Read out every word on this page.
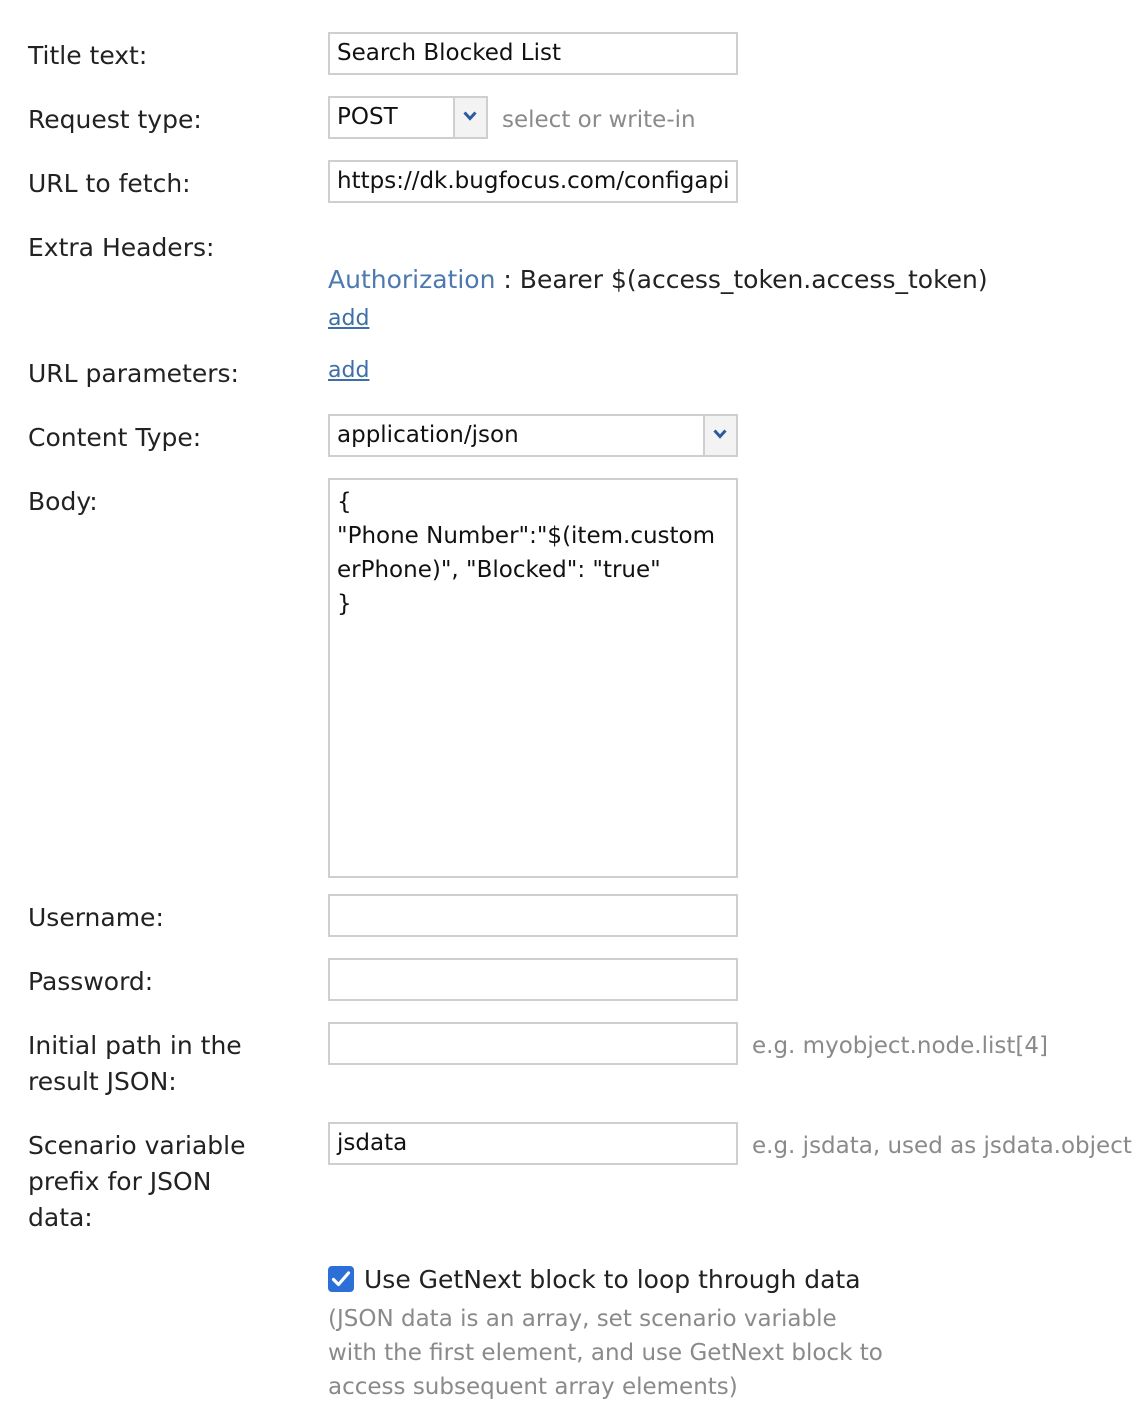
Title text:	Search Blocked List
Request type:	POST	select or write-in
URL to fetch:	https://dk.bugfocus.com/configapi
Extra Headers:
Authorization : Bearer $(access_token.access_token)
add
URL parameters:	add
Content Type:	application/json
Body:	{
"Phone Number":"$(item.customerPhone)", "Blocked": "true"
}
Username:
Password:
Initial path in the
result JSON:
e.g. myobject.node.list[4]
Scenario variable
prefix for JSON
data:
jsdata	e.g. jsdata, used as jsdata.object
Use GetNext block to loop through data
(JSON data is an array, set scenario variable with the first element, and use GetNext block to access subsequent array elements)
